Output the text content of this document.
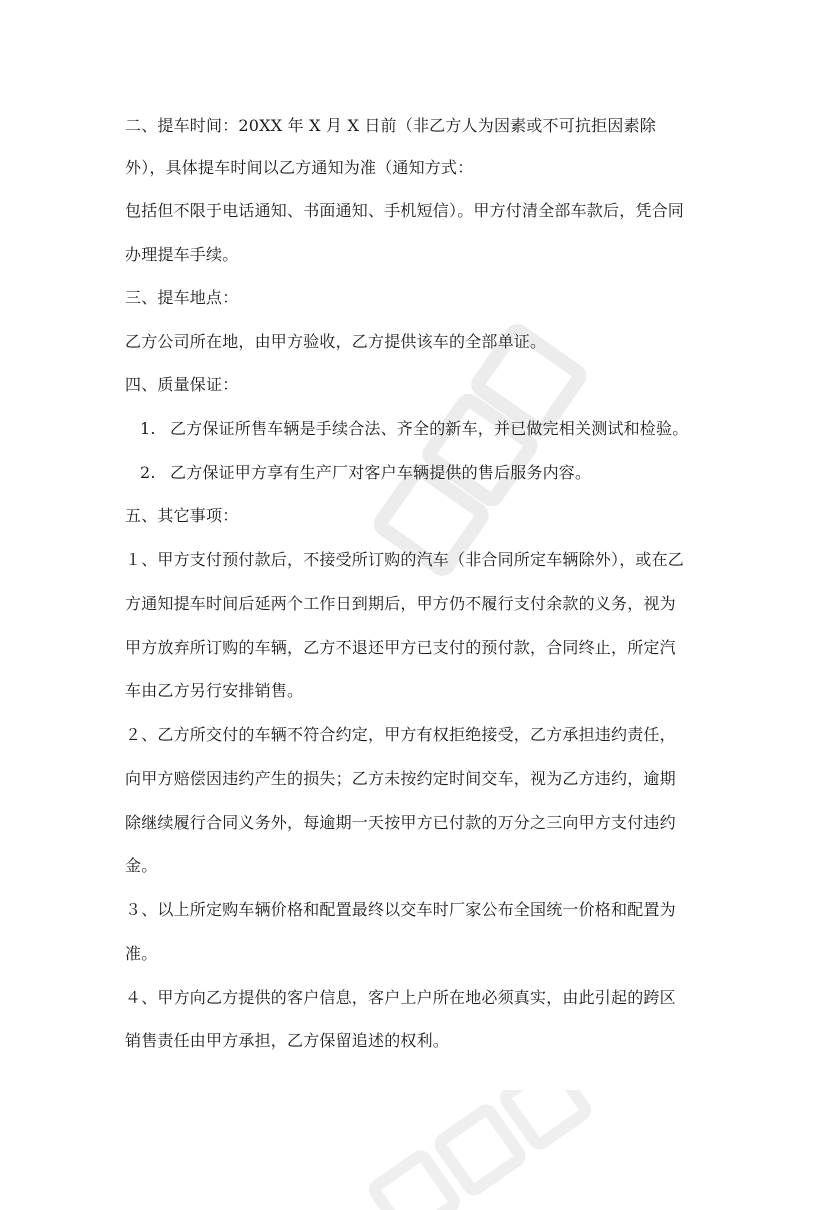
二、提车时间：20XX 年 X 月 X 日前（非乙方人为因素或不可抗拒因素除
外），具体提车时间以乙方通知为准（通知方式：
包括但不限于电话通知、书面通知、手机短信）。甲方付清全部车款后，凭合同
办理提车手续。
三、提车地点：
乙方公司所在地，由甲方验收，乙方提供该车的全部单证。
四、质量保证：
1. 乙方保证所售车辆是手续合法、齐全的新车，并已做完相关测试和检验。
2. 乙方保证甲方享有生产厂对客户车辆提供的售后服务内容。
五、其它事项：
１、甲方支付预付款后，不接受所订购的汽车（非合同所定车辆除外），或在乙
方通知提车时间后延两个工作日到期后，甲方仍不履行支付余款的义务，视为
甲方放弃所订购的车辆，乙方不退还甲方已支付的预付款，合同终止，所定汽
车由乙方另行安排销售。
２、乙方所交付的车辆不符合约定，甲方有权拒绝接受，乙方承担违约责任，
向甲方赔偿因违约产生的损失；乙方未按约定时间交车，视为乙方违约，逾期
除继续履行合同义务外，每逾期一天按甲方已付款的万分之三向甲方支付违约
金。
３、以上所定购车辆价格和配置最终以交车时厂家公布全国统一价格和配置为
准。
４、甲方向乙方提供的客户信息，客户上户所在地必须真实，由此引起的跨区
销售责任由甲方承担，乙方保留追述的权利。
